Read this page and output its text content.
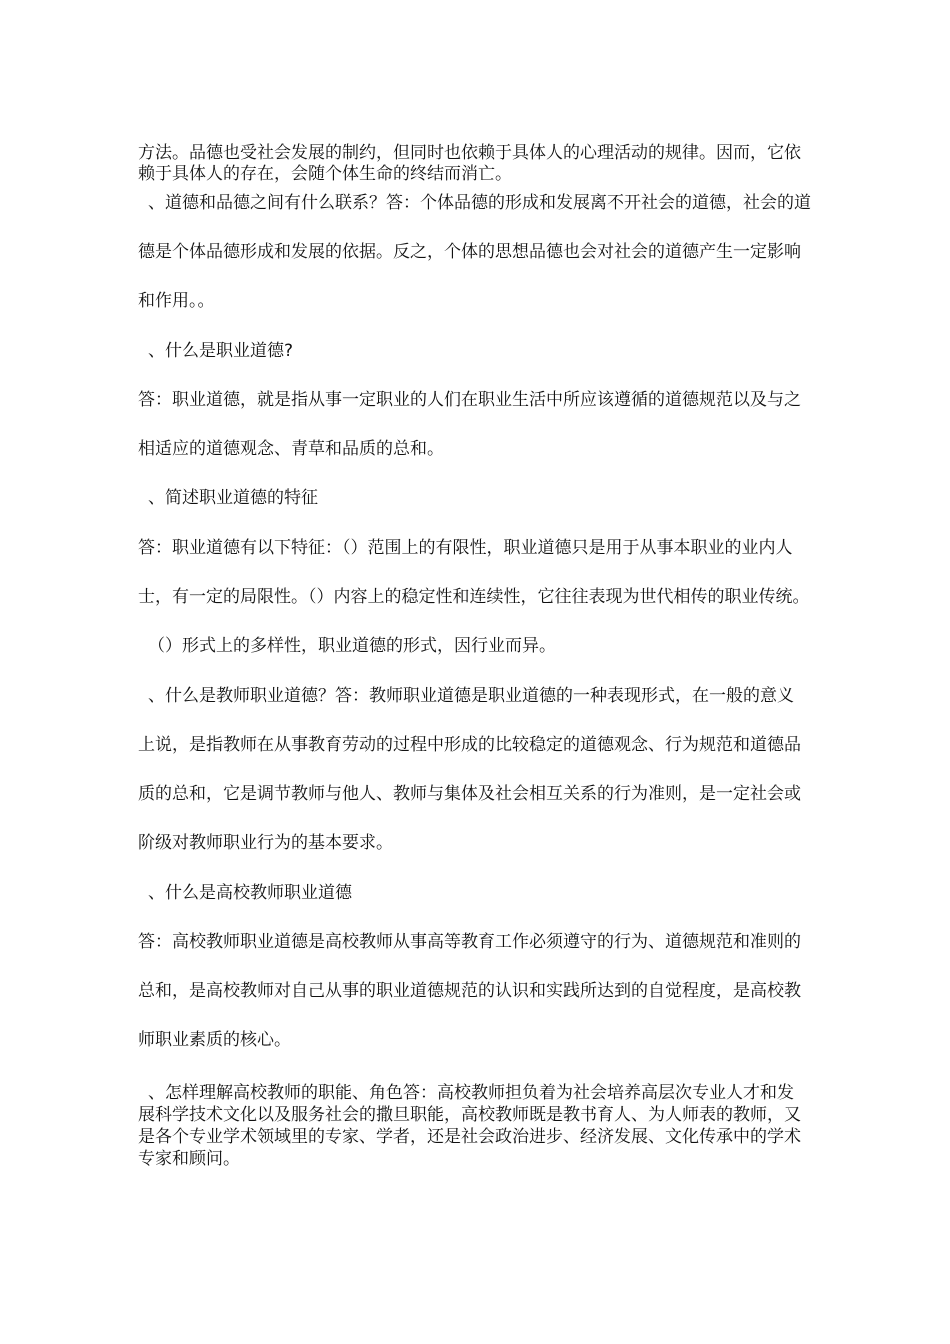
方法。品德也受社会发展的制约，但同时也依赖于具体人的心理活动的规律。因而，它依
赖于具体人的存在，会随个体生命的终结而消亡。
、道德和品德之间有什么联系？答：个体品德的形成和发展离不开社会的道德，社会的道
德是个体品德形成和发展的依据。反之，个体的思想品德也会对社会的道德产生一定影响
和作用。。
、什么是职业道德?
答：职业道德，就是指从事一定职业的人们在职业生活中所应该遵循的道德规范以及与之
相适应的道德观念、青草和品质的总和。
、简述职业道德的特征
答：职业道德有以下特征：（）范围上的有限性，职业道德只是用于从事本职业的业内人
士，有一定的局限性。（）内容上的稳定性和连续性，它往往表现为世代相传的职业传统。
（）形式上的多样性，职业道德的形式，因行业而异。
、什么是教师职业道德？答：教师职业道德是职业道德的一种表现形式，在一般的意义
上说，是指教师在从事教育劳动的过程中形成的比较稳定的道德观念、行为规范和道德品
质的总和，它是调节教师与他人、教师与集体及社会相互关系的行为准则，是一定社会或
阶级对教师职业行为的基本要求。
、什么是高校教师职业道德
答：高校教师职业道德是高校教师从事高等教育工作必须遵守的行为、道德规范和准则的
总和，是高校教师对自己从事的职业道德规范的认识和实践所达到的自觉程度，是高校教
师职业素质的核心。
、怎样理解高校教师的职能、角色答：高校教师担负着为社会培养高层次专业人才和发
展科学技术文化以及服务社会的撒旦职能，高校教师既是教书育人、为人师表的教师，又
是各个专业学术领域里的专家、学者，还是社会政治进步、经济发展、文化传承中的学术
专家和顾问。
